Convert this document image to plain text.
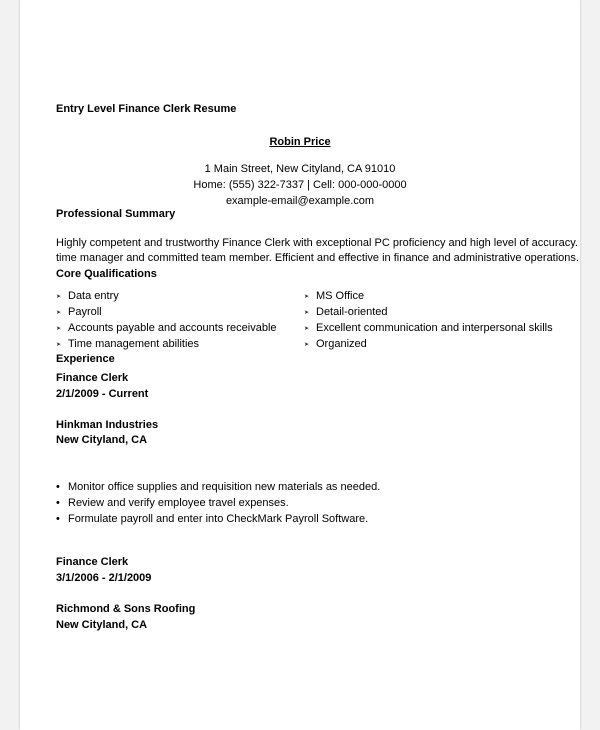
Entry Level Finance Clerk Resume
Robin Price
1 Main Street, New Cityland, CA 91010
Home: (555) 322-7337 | Cell: 000-000-0000
example-email@example.com
Professional Summary
Highly competent and trustworthy Finance Clerk with exceptional PC proficiency and high level of accuracy.
time manager and committed team member. Efficient and effective in finance and administrative operations.
Core Qualifications
➤ Data entry
➤ Payroll
➤ Accounts payable and accounts receivable
➤ Time management abilities
➤ MS Office
➤ Detail-oriented
➤ Excellent communication and interpersonal skills
➤ Organized
Experience
Finance Clerk
2/1/2009 - Current
Hinkman Industries
New Cityland, CA
• Monitor office supplies and requisition new materials as needed.
• Review and verify employee travel expenses.
• Formulate payroll and enter into CheckMark Payroll Software.
Finance Clerk
3/1/2006 - 2/1/2009
Richmond & Sons Roofing
New Cityland, CA
